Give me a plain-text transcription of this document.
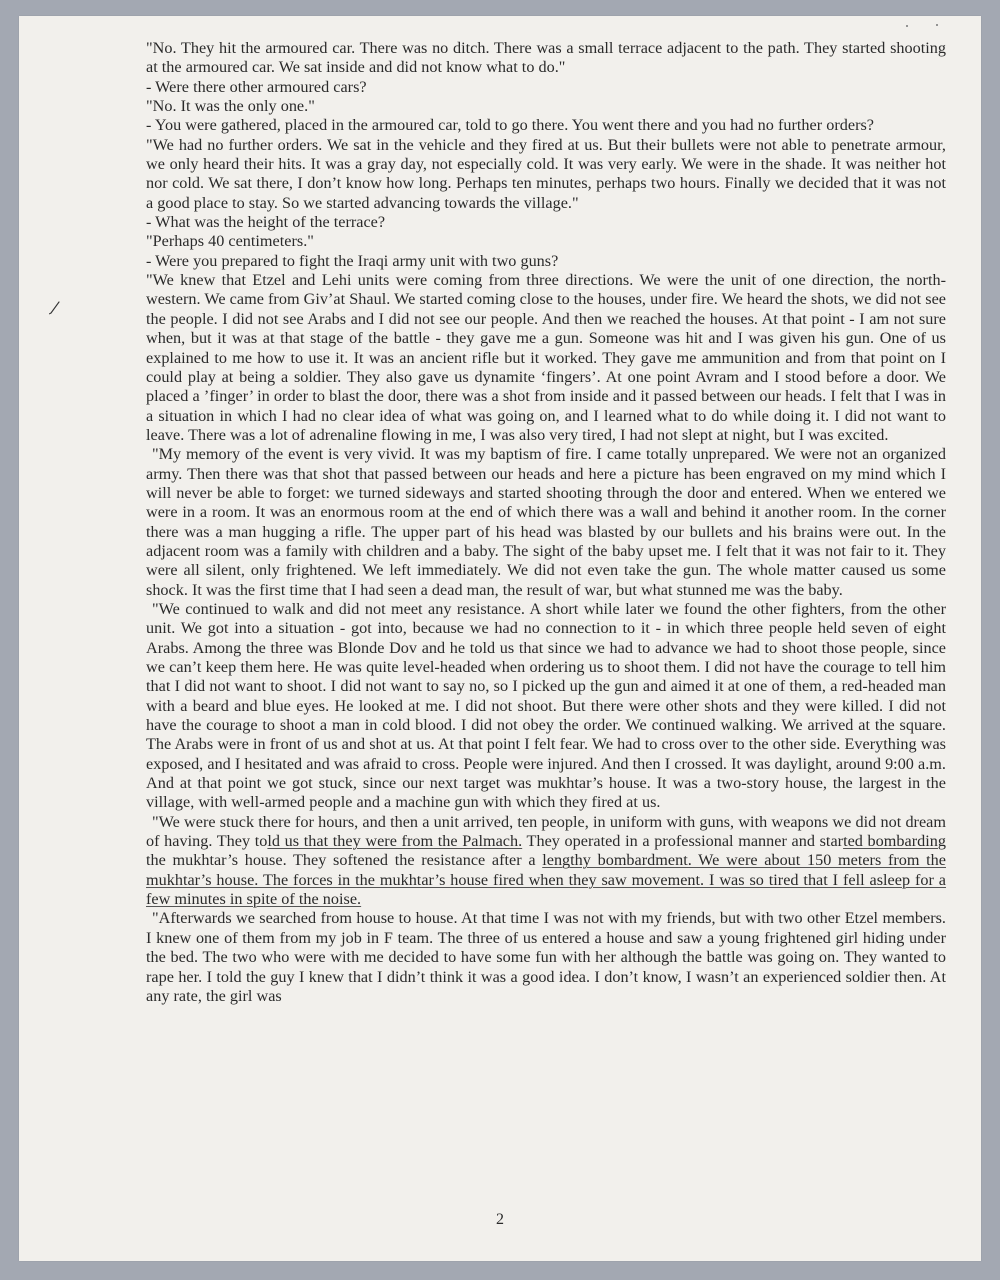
"No. They hit the armoured car. There was no ditch. There was a small terrace adjacent to the path. They started shooting at the armoured car. We sat inside and did not know what to do."

- Were there other armoured cars?

"No. It was the only one."

- You were gathered, placed in the armoured car, told to go there. You went there and you had no further orders?

"We had no further orders. We sat in the vehicle and they fired at us. But their bullets were not able to penetrate armour, we only heard their hits. It was a gray day, not especially cold. It was very early. We were in the shade. It was neither hot nor cold. We sat there, I don’t know how long. Perhaps ten minutes, perhaps two hours. Finally we decided that it was not a good place to stay. So we started advancing towards the village."

- What was the height of the terrace?

"Perhaps 40 centimeters."

- Were you prepared to fight the Iraqi army unit with two guns?

"We knew that Etzel and Lehi units were coming from three directions. We were the unit of one direction, the north-western. We came from Giv’at Shaul. We started coming close to the houses, under fire. We heard the shots, we did not see the people. I did not see Arabs and I did not see our people. And then we reached the houses. At that point - I am not sure when, but it was at that stage of the battle - they gave me a gun. Someone was hit and I was given his gun. One of us explained to me how to use it. It was an ancient rifle but it worked. They gave me ammunition and from that point on I could play at being a soldier. They also gave us dynamite ‘fingers’. At one point Avram and I stood before a door. We placed a ’finger’ in order to blast the door, there was a shot from inside and it passed between our heads. I felt that I was in a situation in which I had no clear idea of what was going on, and I learned what to do while doing it. I did not want to leave. There was a lot of adrenaline flowing in me, I was also very tired, I had not slept at night, but I was excited.

"My memory of the event is very vivid. It was my baptism of fire. I came totally unprepared. We were not an organized army. Then there was that shot that passed between our heads and here a picture has been engraved on my mind which I will never be able to forget: we turned sideways and started shooting through the door and entered. When we entered we were in a room. It was an enormous room at the end of which there was a wall and behind it another room. In the corner there was a man hugging a rifle. The upper part of his head was blasted by our bullets and his brains were out. In the adjacent room was a family with children and a baby. The sight of the baby upset me. I felt that it was not fair to it. They were all silent, only frightened. We left immediately. We did not even take the gun. The whole matter caused us some shock. It was the first time that I had seen a dead man, the result of war, but what stunned me was the baby.

"We continued to walk and did not meet any resistance. A short while later we found the other fighters, from the other unit. We got into a situation - got into, because we had no connection to it - in which three people held seven of eight Arabs. Among the three was Blonde Dov and he told us that since we had to advance we had to shoot those people, since we can’t keep them here. He was quite level-headed when ordering us to shoot them. I did not have the courage to tell him that I did not want to shoot. I did not want to say no, so I picked up the gun and aimed it at one of them, a red-headed man with a beard and blue eyes. He looked at me. I did not shoot. But there were other shots and they were killed. I did not have the courage to shoot a man in cold blood. I did not obey the order. We continued walking. We arrived at the square. The Arabs were in front of us and shot at us. At that point I felt fear. We had to cross over to the other side. Everything was exposed, and I hesitated and was afraid to cross. People were injured. And then I crossed. It was daylight, around 9:00 a.m. And at that point we got stuck, since our next target was mukhtar’s house. It was a two-story house, the largest in the village, with well-armed people and a machine gun with which they fired at us.

"We were stuck there for hours, and then a unit arrived, ten people, in uniform with guns, with weapons we did not dream of having. They told us that they were from the Palmach. They operated in a professional manner and started bombarding the mukhtar’s house. They softened the resistance after a lengthy bombardment. We were about 150 meters from the mukhtar’s house. The forces in the mukhtar’s house fired when they saw movement. I was so tired that I fell asleep for a few minutes in spite of the noise.

"Afterwards we searched from house to house. At that time I was not with my friends, but with two other Etzel members. I knew one of them from my job in F team. The three of us entered a house and saw a young frightened girl hiding under the bed. The two who were with me decided to have some fun with her although the battle was going on. They wanted to rape her. I told the guy I knew that I didn’t think it was a good idea. I don’t know, I wasn’t an experienced soldier then. At any rate, the girl was

2
